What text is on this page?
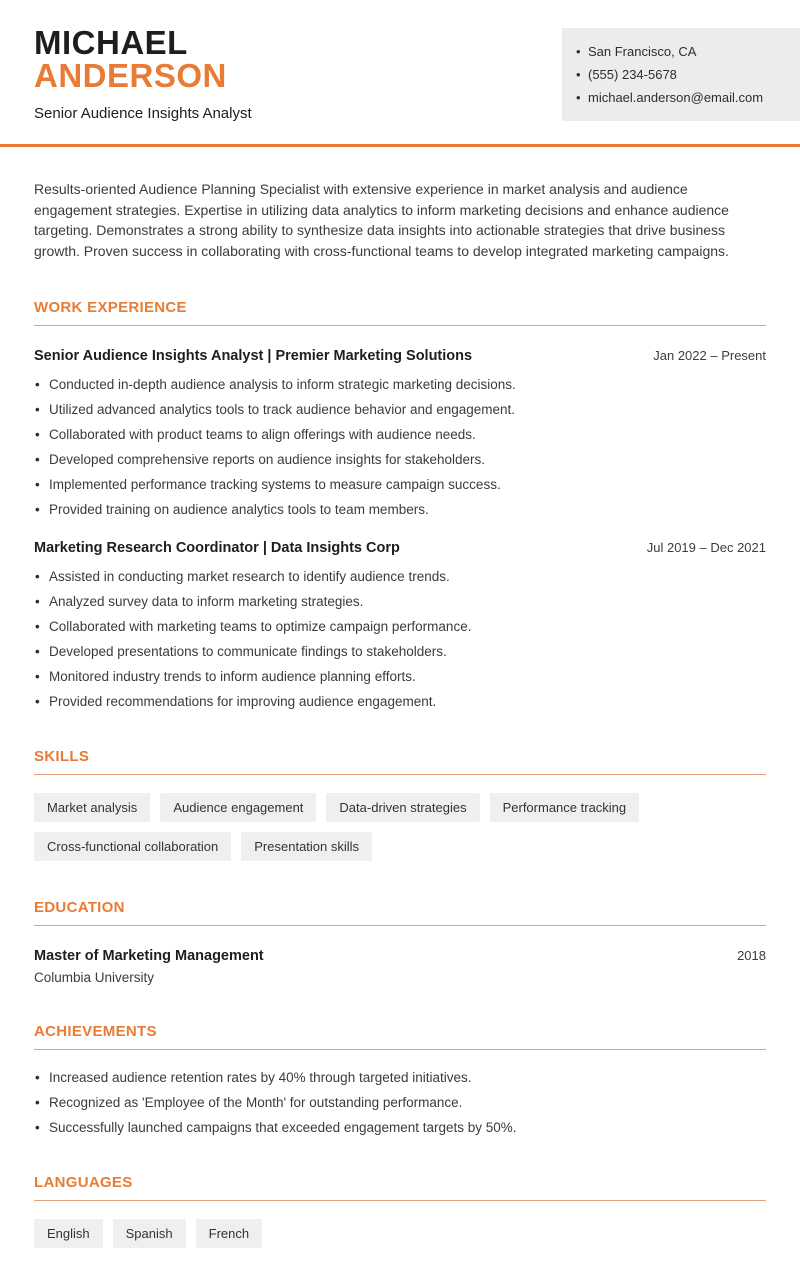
MICHAEL
ANDERSON
Senior Audience Insights Analyst
• San Francisco, CA
• (555) 234-5678
• michael.anderson@email.com

Results-oriented Audience Planning Specialist with extensive experience in market analysis and audience engagement strategies. Expertise in utilizing data analytics to inform marketing decisions and enhance audience targeting. Demonstrates a strong ability to synthesize data insights into actionable strategies that drive business growth. Proven success in collaborating with cross-functional teams to develop integrated marketing campaigns.

WORK EXPERIENCE
Senior Audience Insights Analyst | Premier Marketing Solutions	Jan 2022 – Present
• Conducted in-depth audience analysis to inform strategic marketing decisions.
• Utilized advanced analytics tools to track audience behavior and engagement.
• Collaborated with product teams to align offerings with audience needs.
• Developed comprehensive reports on audience insights for stakeholders.
• Implemented performance tracking systems to measure campaign success.
• Provided training on audience analytics tools to team members.
Marketing Research Coordinator | Data Insights Corp	Jul 2019 – Dec 2021
• Assisted in conducting market research to identify audience trends.
• Analyzed survey data to inform marketing strategies.
• Collaborated with marketing teams to optimize campaign performance.
• Developed presentations to communicate findings to stakeholders.
• Monitored industry trends to inform audience planning efforts.
• Provided recommendations for improving audience engagement.
SKILLS
Market analysis	Audience engagement	Data-driven strategies	Performance tracking
Cross-functional collaboration	Presentation skills
EDUCATION
Master of Marketing Management	2018
Columbia University
ACHIEVEMENTS
• Increased audience retention rates by 40% through targeted initiatives.
• Recognized as 'Employee of the Month' for outstanding performance.
• Successfully launched campaigns that exceeded engagement targets by 50%.
LANGUAGES
English	Spanish	French
